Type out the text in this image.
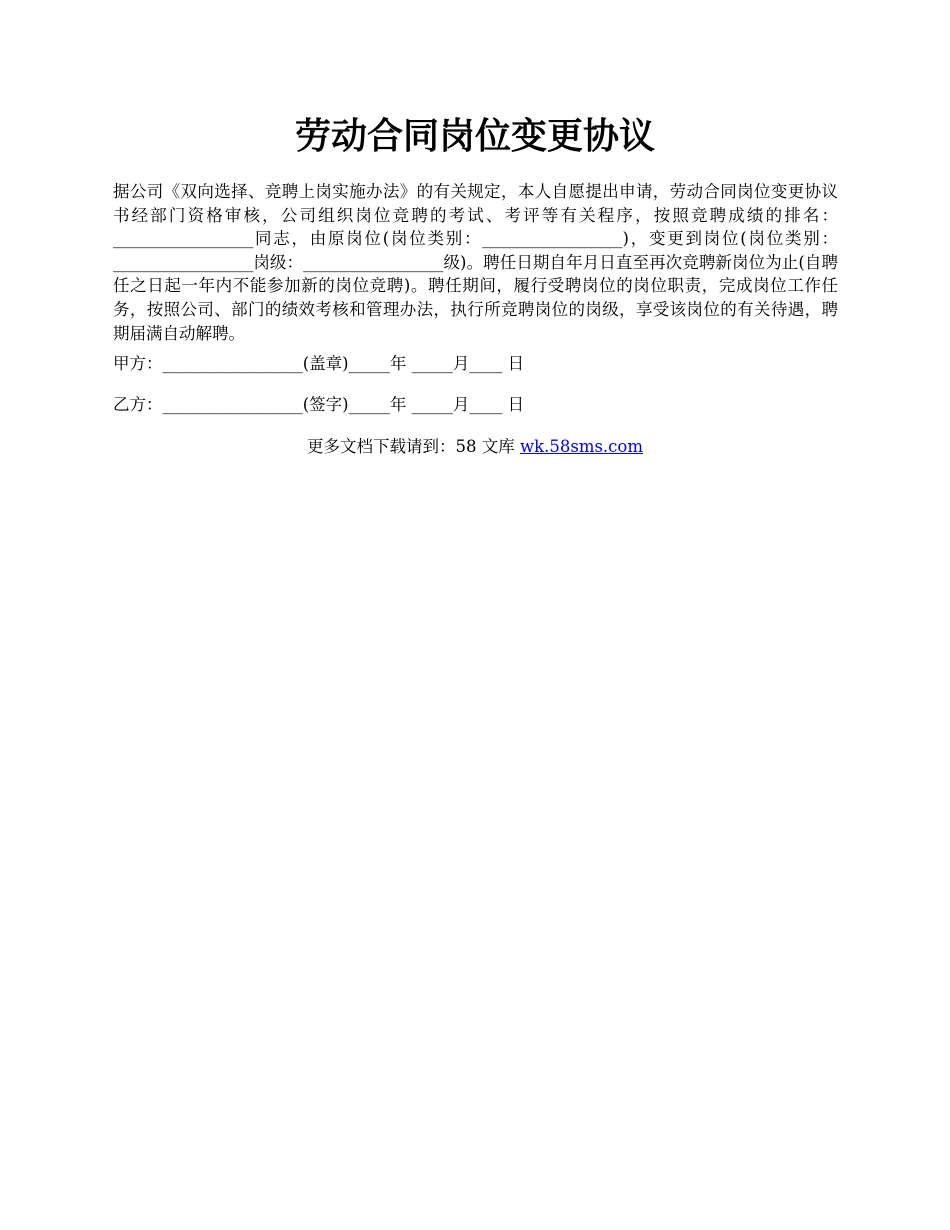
劳动合同岗位变更协议
据公司《双向选择、竞聘上岗实施办法》的有关规定，本人自愿提出申请，劳动合同岗位变更协议书经部门资格审核，公司组织岗位竞聘的考试、考评等有关程序，按照竞聘成绩的排名：_________________同志，由原岗位(岗位类别：_________________)，变更到岗位(岗位类别：_________________岗级：_________________级)。聘任日期自年月日直至再次竞聘新岗位为止(自聘任之日起一年内不能参加新的岗位竞聘)。聘任期间，履行受聘岗位的岗位职责，完成岗位工作任务，按照公司、部门的绩效考核和管理办法，执行所竞聘岗位的岗级，享受该岗位的有关待遇，聘期届满自动解聘。
甲方：_________________(盖章)_____年 _____月____ 日
乙方：_________________(签字)_____年 _____月____ 日
更多文档下载请到：58 文库 wk.58sms.com
